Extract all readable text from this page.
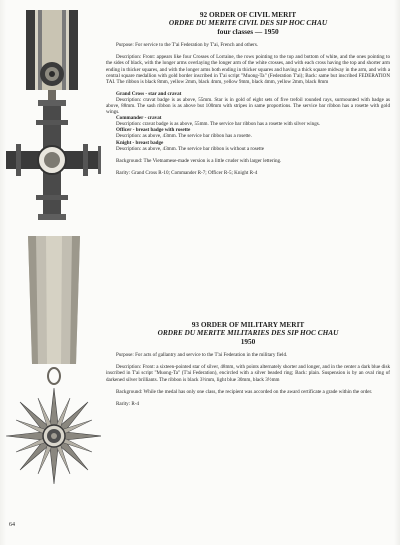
92 ORDER OF CIVIL MERIT
ORDRE DU MERITE CIVIL DES SIP HOC CHAU
four classes — 1950

Purpose: For service to the T'ai Federation by T'ai, French and others.

Description: Front: appears like four Crosses of Lorraine, the rows pointing to the top and bottom of white, and the ones pointing to the sides of black, with the longer arms overlaying the longer arm of the white crosses, and with each cross having the top and shorter arm ending in thicker squares, and with the longer arms both ending in thicker squares and having a thick square midway in the arm, and with a central square medallion with gold border inscribed in T'ai script "Muong-Ta" (Federation T'ai); Back: same but inscribed FEDERATION TAI. The ribbon is black 8mm, yellow 2mm, black 4mm, yellow 9mm, black 4mm, yellow 2mm, black 8mm

Grand Cross - star and cravat

Description: cravat badge is as above, 55mm. Star is in gold of eight sets of five trefoil rounded rays, surmounted with badge as above, 88mm. The sash ribbon is as above but 100mm with stripes in same proportions. The service bar ribbon has a rosette with gold wings.

Commander - cravat

Description: cravat badge is as above, 55mm. The service bar ribbon has a rosette with silver wings.

Officer - breast badge with rosette

Description: as above, 43mm. The service bar ribbon has a rosette.

Knight - breast badge

Description: as above, 43mm. The service bar ribbon is without a rosette

Background: The Vietnamese-made version is a little cruder with larger lettering.

Rarity: Grand Cross R-10; Commander R-7; Officer R-5; Knight R-4

93 ORDER OF MILITARY MERIT
ORDRE DU MERITE MILITARIES DES SIP HOC CHAU
1950

Purpose: For acts of gallantry and service to the T'ai Federation in the military field.

Description: Front: a sixteen-pointed star of silver, 48mm, with points alternately shorter and longer, and in the center a dark blue disk inscribed in T'ai script "Muong-Ta" (T'ai Federation), encircled with a silver beaded ring; Back: plain. Suspension is by an oval ring of darkened silver brilliants. The ribbon is black 3½mm, light blue 30mm, black 3½mm

Background: While the medal has only one class, the recipient was accorded on the award certificate a grade within the order.

Rarity: R-4

64
